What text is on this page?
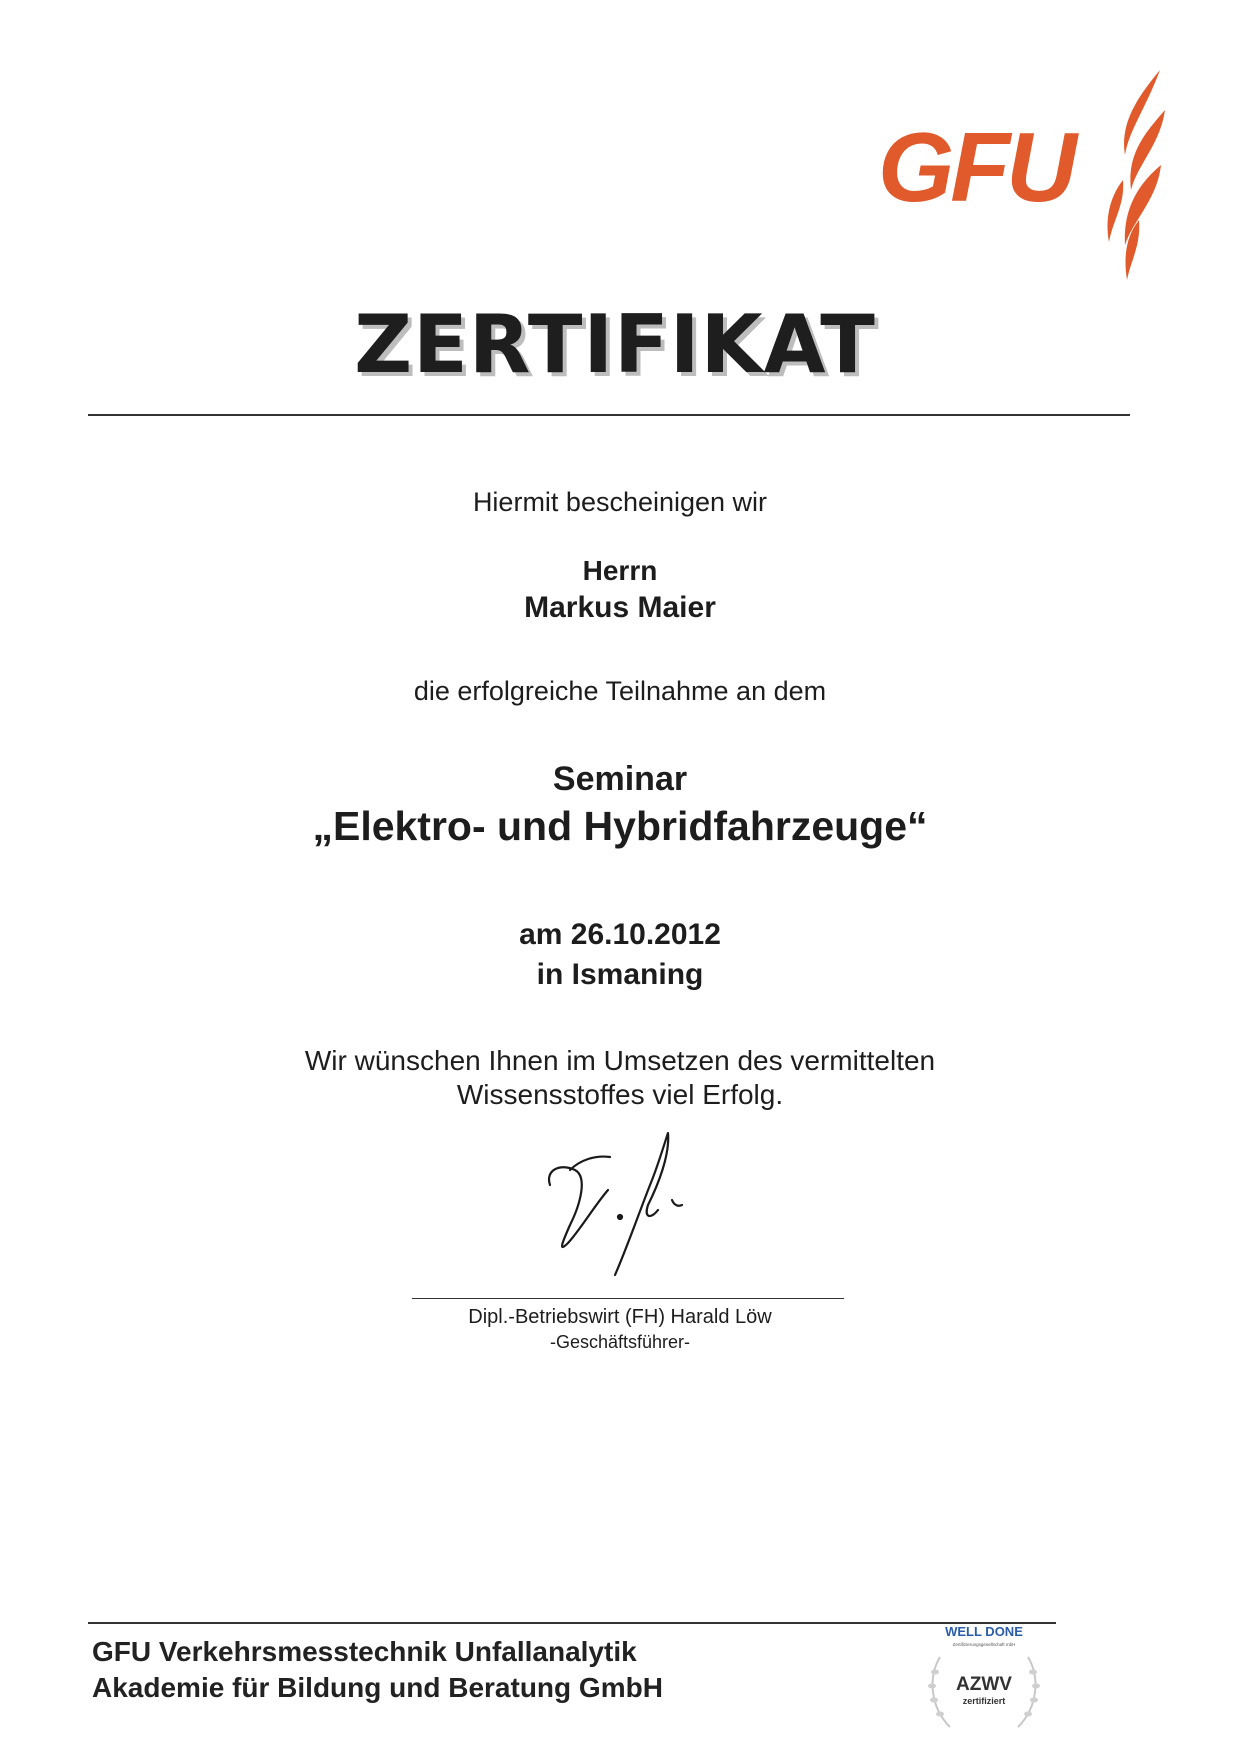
GFU
ZERTIFIKAT
Hiermit bescheinigen wir
Herrn
Markus Maier
die erfolgreiche Teilnahme an dem
Seminar
„Elektro- und Hybridfahrzeuge“
am 26.10.2012
in Ismaning
Wir wünschen Ihnen im Umsetzen des vermittelten
Wissensstoffes viel Erfolg.
Dipl.-Betriebswirt (FH) Harald Löw
-Geschäftsführer-
GFU Verkehrsmesstechnik Unfallanalytik
Akademie für Bildung und Beratung GmbH
WELL DONE
Zertifizierungsgesellschaft mbH
AZWV
zertifiziert
